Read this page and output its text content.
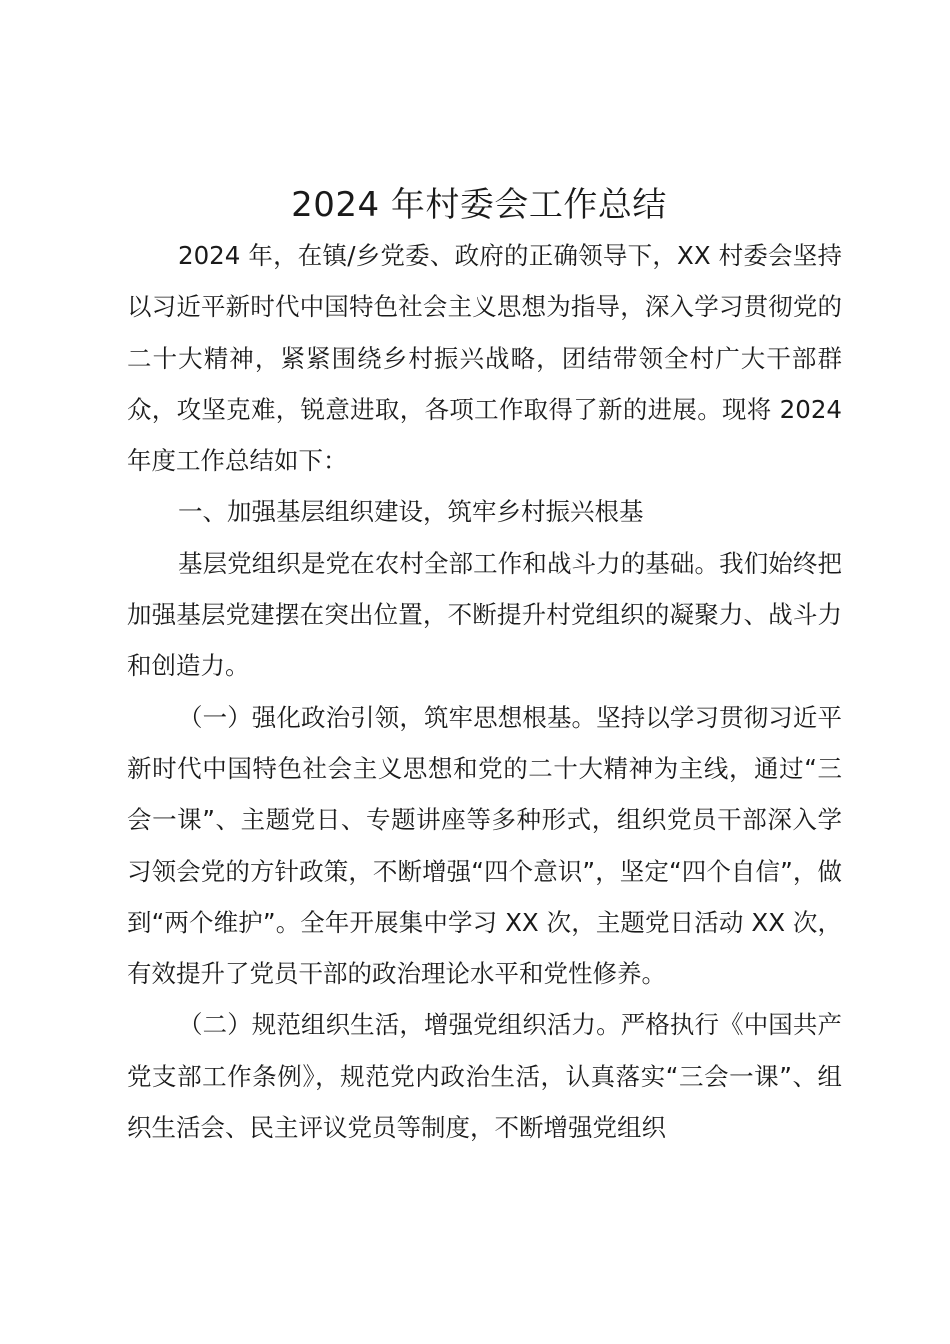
2024 年村委会工作总结

2024 年，在镇/乡党委、政府的正确领导下，XX 村委会坚持以习近平新时代中国特色社会主义思想为指导，深入学习贯彻党的二十大精神，紧紧围绕乡村振兴战略，团结带领全村广大干部群众，攻坚克难，锐意进取，各项工作取得了新的进展。现将 2024 年度工作总结如下：

一、加强基层组织建设，筑牢乡村振兴根基

基层党组织是党在农村全部工作和战斗力的基础。我们始终把加强基层党建摆在突出位置，不断提升村党组织的凝聚力、战斗力和创造力。

（一）强化政治引领，筑牢思想根基。坚持以学习贯彻习近平新时代中国特色社会主义思想和党的二十大精神为主线，通过“三会一课”、主题党日、专题讲座等多种形式，组织党员干部深入学习领会党的方针政策，不断增强“四个意识”，坚定“四个自信”，做到“两个维护”。全年开展集中学习 XX 次，主题党日活动 XX 次，有效提升了党员干部的政治理论水平和党性修养。

（二）规范组织生活，增强党组织活力。严格执行《中国共产党支部工作条例》，规范党内政治生活，认真落实“三会一课”、组织生活会、民主评议党员等制度，不断增强党组织
